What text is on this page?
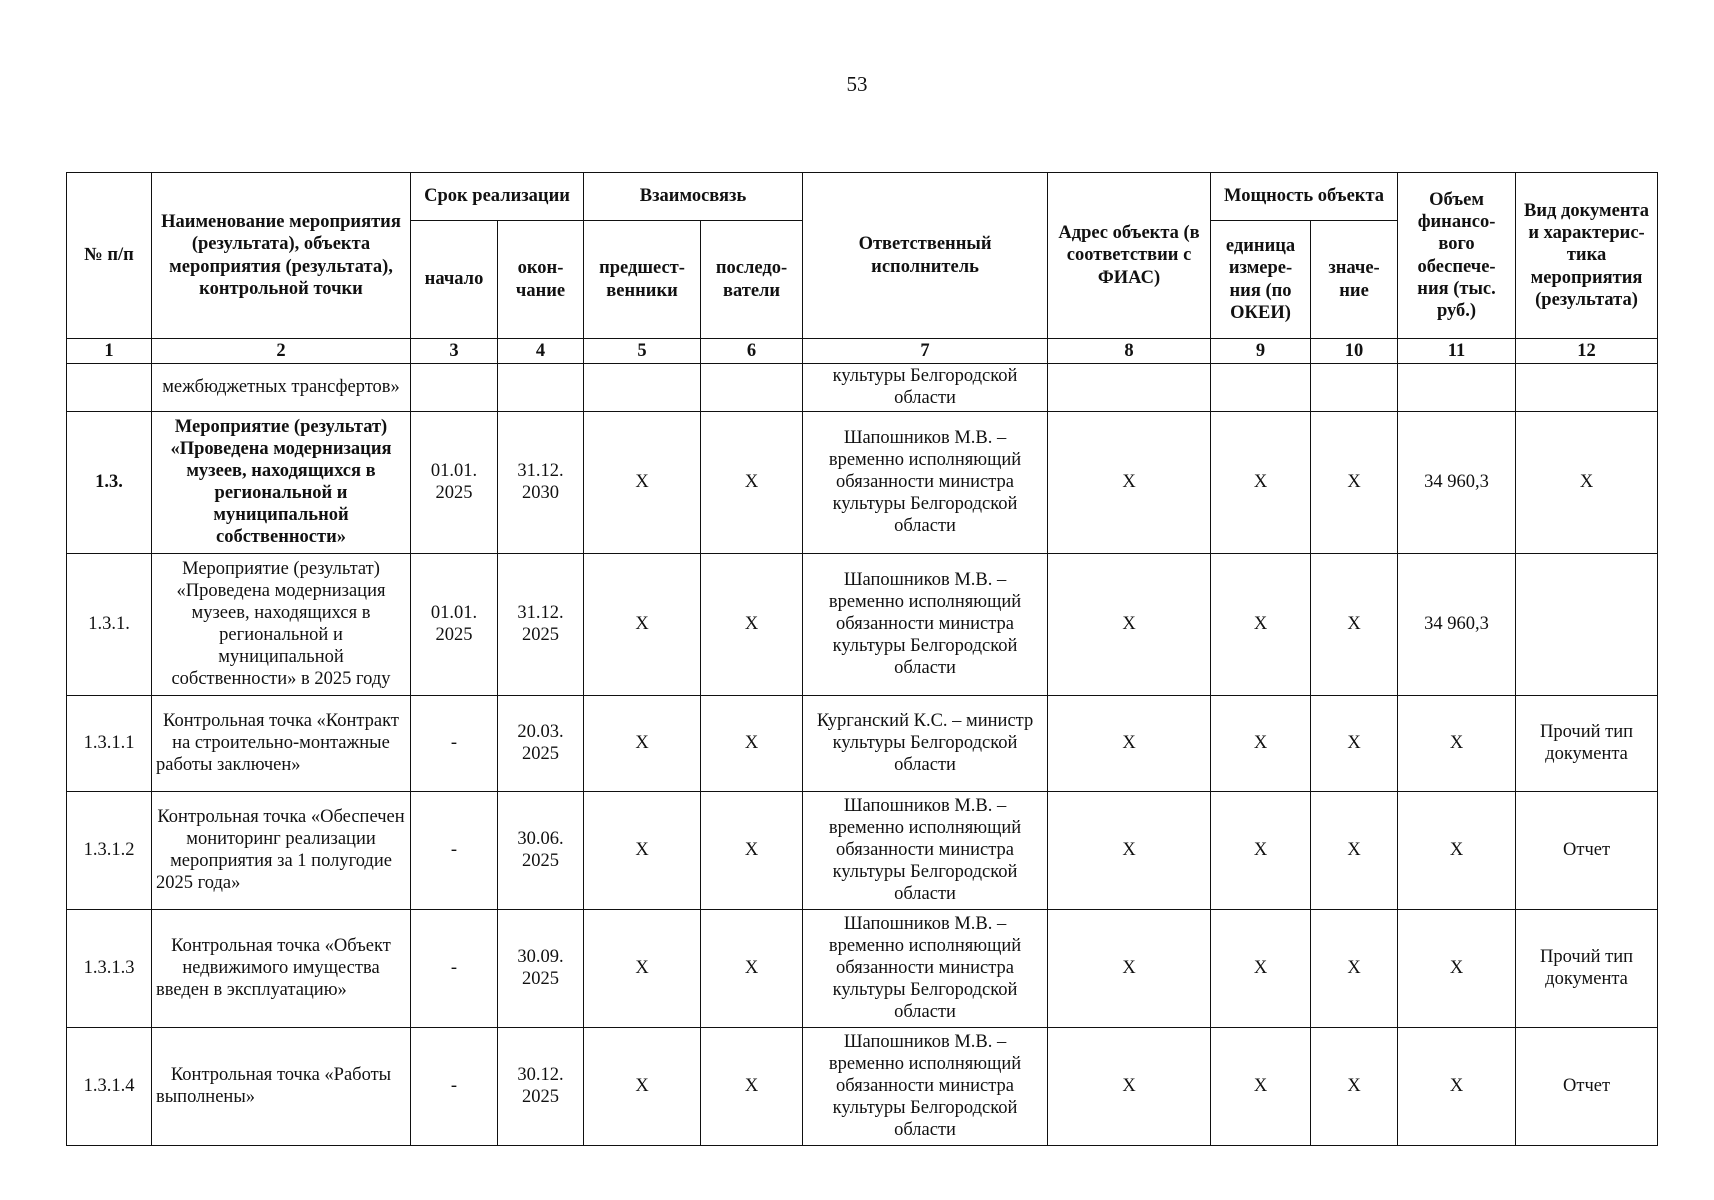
53
№ п/п	Наименование мероприятия (результата), объекта мероприятия (результата), контрольной точки	Срок реализации		Взаимосвязь		Ответственный исполнитель	Адрес объекта (в соответствии с ФИАС)	Мощность объекта		Объем финансо-вого обеспече-ния (тыс. руб.)	Вид документа и характерис-тика мероприятия (результата)
		начало	окон-чание	предшест-венники	последо-ватели			единица измере-ния (по ОКЕИ)	значе-ние		
1	2	3	4	5	6	7	8	9	10	11	12
	межбюджетных трансфертов»					культуры Белгородской области					
1.3.	Мероприятие (результат) «Проведена модернизация музеев, находящихся в региональной и муниципальной собственности»	01.01. 2025	31.12. 2030	X	X	Шапошников М.В. – временно исполняющий обязанности министра культуры Белгородской области	X	X	X	34 960,3	X
1.3.1.	Мероприятие (результат) «Проведена модернизация музеев, находящихся в региональной и муниципальной собственности» в 2025 году	01.01. 2025	31.12. 2025	X	X	Шапошников М.В. – временно исполняющий обязанности министра культуры Белгородской области	X	X	X	34 960,3	
1.3.1.1	Контрольная точка «Контракт на строительно-монтажные работы заключен»	-	20.03. 2025	X	X	Курганский К.С. – министр культуры Белгородской области	X	X	X	X	Прочий тип документа
1.3.1.2	Контрольная точка «Обеспечен мониторинг реализации мероприятия за 1 полугодие 2025 года»	-	30.06. 2025	X	X	Шапошников М.В. – временно исполняющий обязанности министра культуры Белгородской области	X	X	X	X	Отчет
1.3.1.3	Контрольная точка «Объект недвижимого имущества введен в эксплуатацию»	-	30.09. 2025	X	X	Шапошников М.В. – временно исполняющий обязанности министра культуры Белгородской области	X	X	X	X	Прочий тип документа
1.3.1.4	Контрольная точка «Работы выполнены»	-	30.12. 2025	X	X	Шапошников М.В. – временно исполняющий обязанности министра культуры Белгородской области	X	X	X	X	Отчет
